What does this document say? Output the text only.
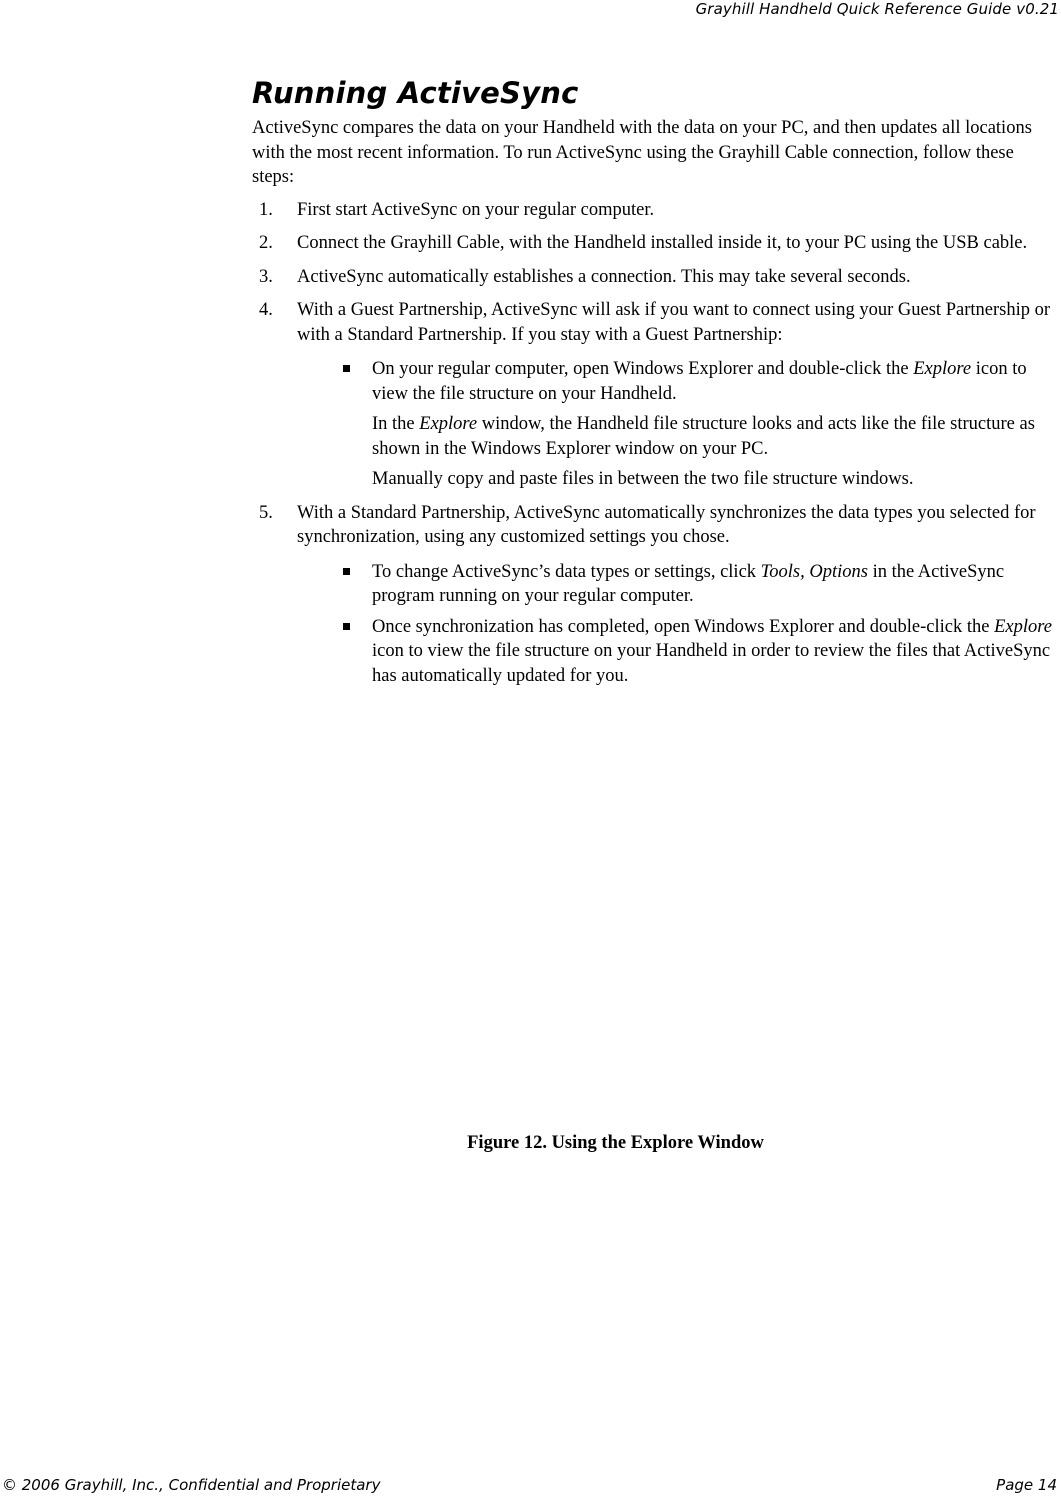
Grayhill Handheld Quick Reference Guide v0.21
Running ActiveSync

ActiveSync compares the data on your Handheld with the data on your PC, and then updates all locations with the most recent information. To run ActiveSync using the Grayhill Cable connection, follow these steps:

1. First start ActiveSync on your regular computer.
2. Connect the Grayhill Cable, with the Handheld installed inside it, to your PC using the USB cable.
3. ActiveSync automatically establishes a connection. This may take several seconds.
4. With a Guest Partnership, ActiveSync will ask if you want to connect using your Guest Partnership or with a Standard Partnership. If you stay with a Guest Partnership:
On your regular computer, open Windows Explorer and double-click the Explore icon to view the file structure on your Handheld.

In the Explore window, the Handheld file structure looks and acts like the file structure as shown in the Windows Explorer window on your PC.

Manually copy and paste files in between the two file structure windows.

5. With a Standard Partnership, ActiveSync automatically synchronizes the data types you selected for synchronization, using any customized settings you chose.
To change ActiveSync’s data types or settings, click Tools, Options in the ActiveSync program running on your regular computer.
Once synchronization has completed, open Windows Explorer and double-click the Explore icon to view the file structure on your Handheld in order to review the files that ActiveSync has automatically updated for you.
Figure 12. Using the Explore Window
© 2006 Grayhill, Inc., Confidential and Proprietary	Page 14
